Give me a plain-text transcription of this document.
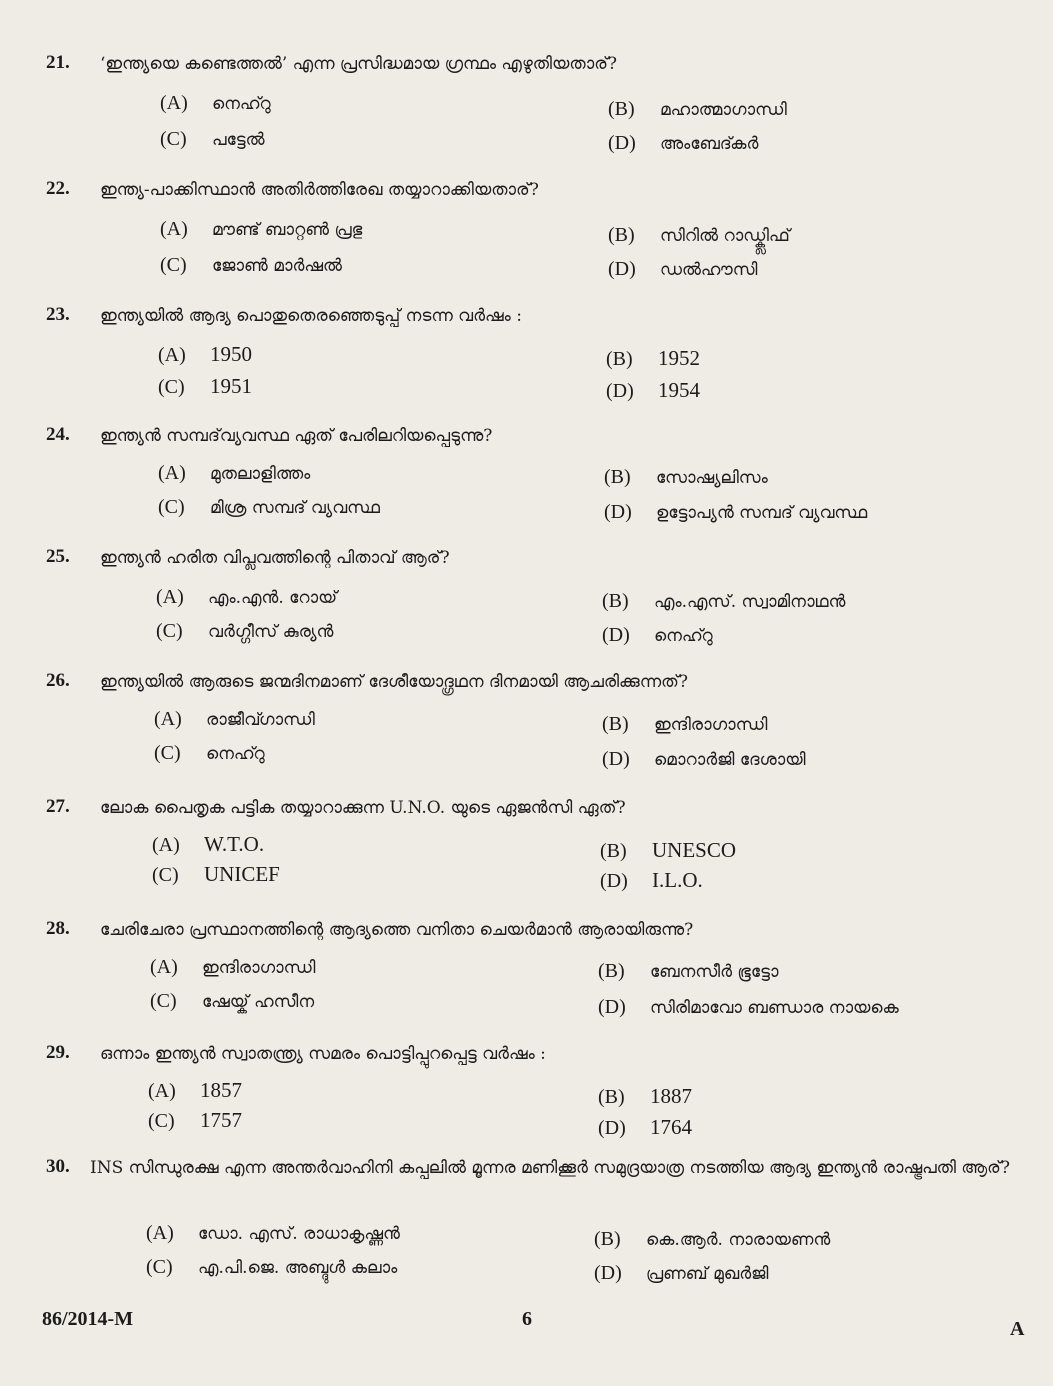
21. ‘ഇന്ത്യയെ കണ്ടെത്തൽ’ എന്ന പ്രസിദ്ധമായ ഗ്രന്ഥം എഴുതിയതാര്?
(A) നെഹ്റു	(B) മഹാത്മാഗാന്ധി
(C) പട്ടേൽ	(D) അംബേദ്കർ
22. ഇന്ത്യ-പാക്കിസ്ഥാൻ അതിർത്തിരേഖ തയ്യാറാക്കിയതാര്?
(A) മൗണ്ട് ബാറ്റൺ പ്രഭു	(B) സിറിൽ റാഡ്ക്ലിഫ്
(C) ജോൺ മാർഷൽ	(D) ഡൽഹൗസി
23. ഇന്ത്യയിൽ ആദ്യ പൊതുതെരഞ്ഞെടുപ്പ് നടന്ന വർഷം :
(A) 1950	(B) 1952
(C) 1951	(D) 1954
24. ഇന്ത്യൻ സമ്പദ്‌വ്യവസ്ഥ ഏത് പേരിലറിയപ്പെടുന്നു?
(A) മുതലാളിത്തം	(B) സോഷ്യലിസം
(C) മിശ്ര സമ്പദ് വ്യവസ്ഥ	(D) ഉട്ടോപ്യൻ സമ്പദ് വ്യവസ്ഥ
25. ഇന്ത്യൻ ഹരിത വിപ്ലവത്തിന്റെ പിതാവ് ആര്?
(A) എം.എൻ. റോയ്	(B) എം.എസ്. സ്വാമിനാഥൻ
(C) വർഗ്ഗീസ് കുര്യൻ	(D) നെഹ്റു
26. ഇന്ത്യയിൽ ആരുടെ ജന്മദിനമാണ് ദേശീയോദ്ഗ്രഥന ദിനമായി ആചരിക്കുന്നത്?
(A) രാജീവ്ഗാന്ധി	(B) ഇന്ദിരാഗാന്ധി
(C) നെഹ്റു	(D) മൊറാർജി ദേശായി
27. ലോക പൈതൃക പട്ടിക തയ്യാറാക്കുന്ന U.N.O. യുടെ ഏജൻസി ഏത്?
(A) W.T.O.	(B) UNESCO
(C) UNICEF	(D) I.L.O.
28. ചേരിചേരാ പ്രസ്ഥാനത്തിന്റെ ആദ്യത്തെ വനിതാ ചെയർമാൻ ആരായിരുന്നു?
(A) ഇന്ദിരാഗാന്ധി	(B) ബേനസീർ ഭൂട്ടോ
(C) ഷേയ്ക് ഹസീന	(D) സിരിമാവോ ബണ്ഡാര നായകെ
29. ഒന്നാം ഇന്ത്യൻ സ്വാതന്ത്ര്യ സമരം പൊട്ടിപ്പുറപ്പെട്ട വർഷം :
(A) 1857	(B) 1887
(C) 1757	(D) 1764
30. INS സിന്ധുരക്ഷ എന്ന അന്തർവാഹിനി കപ്പലിൽ മൂന്നര മണിക്കൂർ സമുദ്രയാത്ര നടത്തിയ ആദ്യ ഇന്ത്യൻ രാഷ്ട്രപതി ആര്?
(A) ഡോ. എസ്. രാധാകൃഷ്ണൻ	(B) കെ.ആർ. നാരായണൻ
(C) എ.പി.ജെ. അബ്ദുൾ കലാം	(D) പ്രണബ് മുഖർജി
86/2014-M	6	A
